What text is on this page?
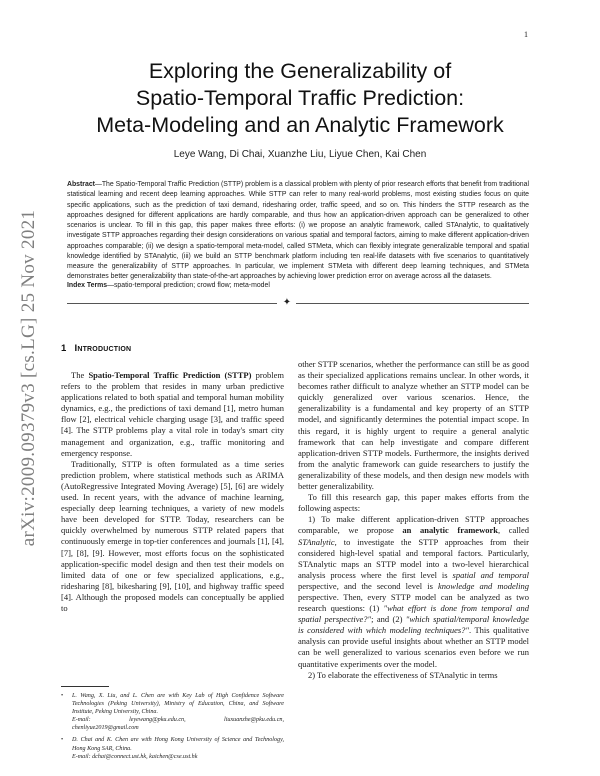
1
arXiv:2009.09379v3 [cs.LG] 25 Nov 2021
Exploring the Generalizability of
Spatio-Temporal Traffic Prediction:
Meta-Modeling and an Analytic Framework
Leye Wang, Di Chai, Xuanzhe Liu, Liyue Chen, Kai Chen

Abstract—The Spatio-Temporal Traffic Prediction (STTP) problem is a classical problem with plenty of prior research efforts that benefit from traditional statistical learning and recent deep learning approaches. While STTP can refer to many real-world problems, most existing studies focus on quite specific applications, such as the prediction of taxi demand, ridesharing order, traffic speed, and so on. This hinders the STTP research as the approaches designed for different applications are hardly comparable, and thus how an application-driven approach can be generalized to other scenarios is unclear. To fill in this gap, this paper makes three efforts: (i) we propose an analytic framework, called STAnalytic, to qualitatively investigate STTP approaches regarding their design considerations on various spatial and temporal factors, aiming to make different application-driven approaches comparable; (ii) we design a spatio-temporal meta-model, called STMeta, which can flexibly integrate generalizable temporal and spatial knowledge identified by STAnalytic, (iii) we build an STTP benchmark platform including ten real-life datasets with five scenarios to quantitatively measure the generalizability of STTP approaches. In particular, we implement STMeta with different deep learning techniques, and STMeta demonstrates better generalizability than state-of-the-art approaches by achieving lower prediction error on average across all the datasets.

Index Terms—spatio-temporal prediction; crowd flow; meta-model

✦
1 Introduction

The Spatio-Temporal Traffic Prediction (STTP) problem refers to the problem that resides in many urban predictive applications related to both spatial and temporal human mobility dynamics, e.g., the predictions of taxi demand [1], metro human flow [2], electrical vehicle charging usage [3], and traffic speed [4]. The STTP problems play a vital role in today's smart city management and organization, e.g., traffic monitoring and emergency response.

Traditionally, STTP is often formulated as a time series prediction problem, where statistical methods such as ARIMA (AutoRegressive Integrated Moving Average) [5], [6] are widely used. In recent years, with the advance of machine learning, especially deep learning techniques, a variety of new models have been developed for STTP. Today, researchers can be quickly overwhelmed by numerous STTP related papers that continuously emerge in top-tier conferences and journals [1], [4], [7], [8], [9]. However, most efforts focus on the sophisticated application-specific model design and then test their models on limited data of one or few specialized applications, e.g., ridesharing [8], bikesharing [9], [10], and highway traffic speed [4]. Although the proposed models can conceptually be applied to

•	L. Wang, X. Liu, and L. Chen are with Key Lab of High Confidence Software Technologies (Peking University), Ministry of Education, China, and Software Institute, Peking University, China.
E-mail:	leyewang@pku.edu.cn,	liuxuanzhe@pku.edu.cn,
chenliyue2019@gmail.com
•	D. Chai and K. Chen are with Hong Kong University of Science and Technology, Hong Kong SAR, China.
E-mail: dchai@connect.ust.hk, kaichen@cse.ust.hk

other STTP scenarios, whether the performance can still be as good as their specialized applications remains unclear. In other words, it becomes rather difficult to analyze whether an STTP model can be quickly generalized over various scenarios. Hence, the generalizability is a fundamental and key property of an STTP model, and significantly determines the potential impact scope. In this regard, it is highly urgent to require a general analytic framework that can help investigate and compare different application-driven STTP models. Furthermore, the insights derived from the analytic framework can guide researchers to justify the generalizability of these models, and then design new models with better generalizability.

To fill this research gap, this paper makes efforts from the following aspects:

1) To make different application-driven STTP approaches comparable, we propose an analytic framework, called STAnalytic, to investigate the STTP approaches from their considered high-level spatial and temporal factors. Particularly, STAnalytic maps an STTP model into a two-level hierarchical analysis process where the first level is spatial and temporal perspective, and the second level is knowledge and modeling perspective. Then, every STTP model can be analyzed as two research questions: (1) "what effort is done from temporal and spatial perspective?"; and (2) "which spatial/temporal knowledge is considered with which modeling techniques?". This qualitative analysis can provide useful insights about whether an STTP model can be well generalized to various scenarios even before we run quantitative experiments over the model.

2) To elaborate the effectiveness of STAnalytic in terms
